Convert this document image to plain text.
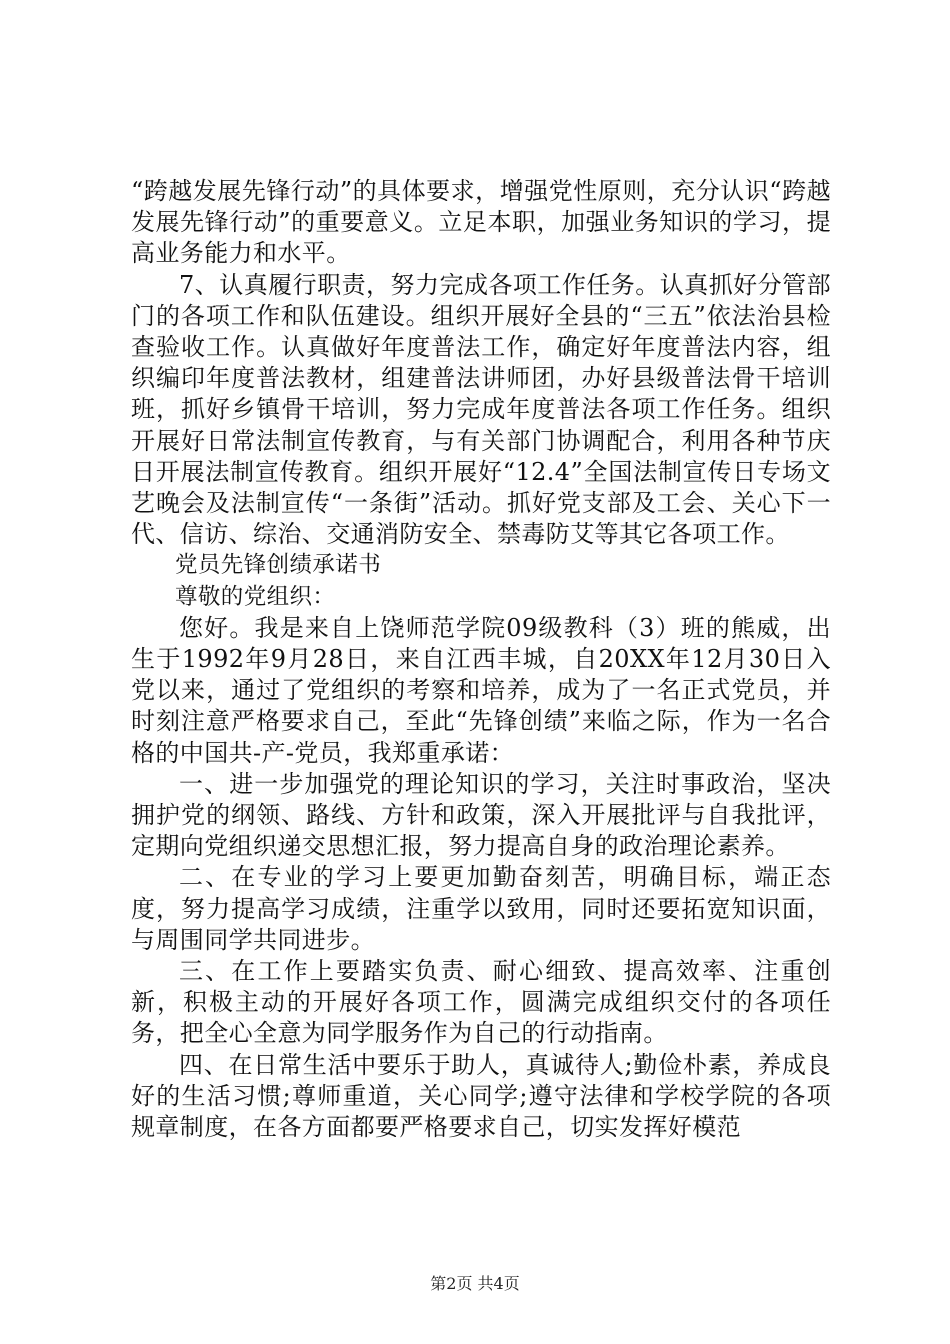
“跨越发展先锋行动”的具体要求，增强党性原则，充分认识“跨越发展先锋行动”的重要意义。立足本职，加强业务知识的学习，提高业务能力和水平。

7、认真履行职责，努力完成各项工作任务。认真抓好分管部门的各项工作和队伍建设。组织开展好全县的“三五”依法治县检查验收工作。认真做好年度普法工作，确定好年度普法内容，组织编印年度普法教材，组建普法讲师团，办好县级普法骨干培训班，抓好乡镇骨干培训，努力完成年度普法各项工作任务。组织开展好日常法制宣传教育，与有关部门协调配合，利用各种节庆日开展法制宣传教育。组织开展好“12.4”全国法制宣传日专场文艺晚会及法制宣传“一条街”活动。抓好党支部及工会、关心下一代、信访、综治、交通消防安全、禁毒防艾等其它各项工作。

党员先锋创绩承诺书

尊敬的党组织：

您好。我是来自上饶师范学院09级教科（3）班的熊威，出生于1992年9月28日，来自江西丰城，自20XX年12月30日入党以来，通过了党组织的考察和培养，成为了一名正式党员，并时刻注意严格要求自己，至此“先锋创绩”来临之际，作为一名合格的中国共-产-党员，我郑重承诺：

一、进一步加强党的理论知识的学习，关注时事政治，坚决拥护党的纲领、路线、方针和政策，深入开展批评与自我批评，定期向党组织递交思想汇报，努力提高自身的政治理论素养。

二、在专业的学习上要更加勤奋刻苦，明确目标，端正态度，努力提高学习成绩，注重学以致用，同时还要拓宽知识面，与周围同学共同进步。

三、在工作上要踏实负责、耐心细致、提高效率、注重创新，积极主动的开展好各项工作，圆满完成组织交付的各项任务，把全心全意为同学服务作为自己的行动指南。

四、在日常生活中要乐于助人，真诚待人;勤俭朴素，养成良好的生活习惯;尊师重道，关心同学;遵守法律和学校学院的各项规章制度，在各方面都要严格要求自己，切实发挥好模范

第2页 共4页
